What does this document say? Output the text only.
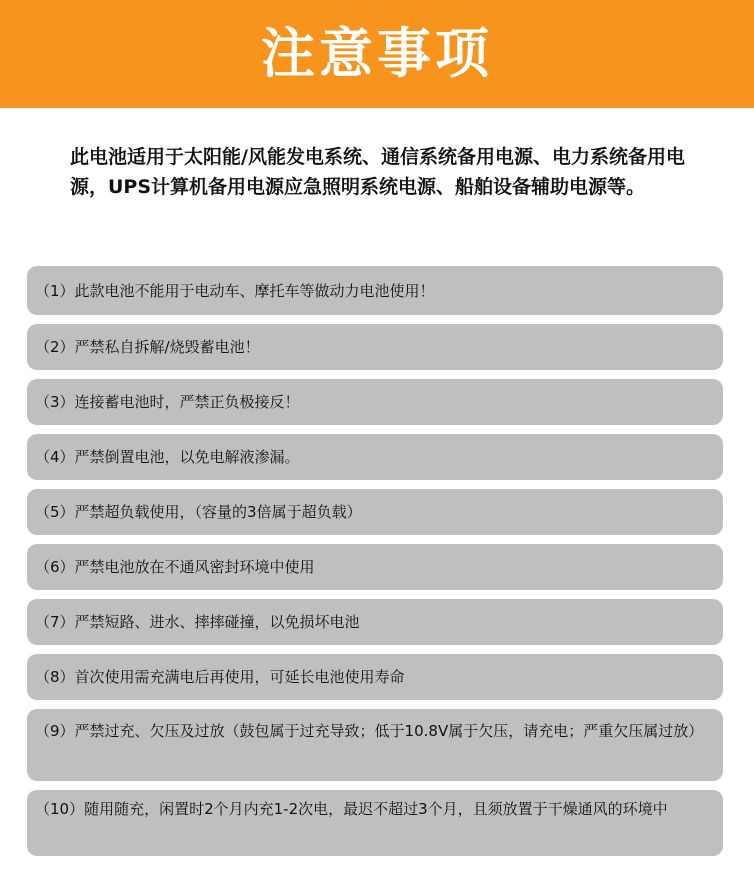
注意事项
此电池适用于太阳能/风能发电系统、通信系统备用电源、电力系统备用电源，UPS计算机备用电源应急照明系统电源、船舶设备辅助电源等。
（1） 此款电池不能用于电动车、摩托车等做动力电池使用！
（2） 严禁私自拆解/烧毁蓄电池！
（3） 连接蓄电池时，严禁正负极接反！
（4） 严禁倒置电池，以免电解液渗漏。
（5） 严禁超负载使用，（容量的3倍属于超负载）
（6） 严禁电池放在不通风密封环境中使用
（7） 严禁短路、进水、摔摔碰撞，以免损坏电池
（8） 首次使用需充满电后再使用，可延长电池使用寿命
（9） 严禁过充、欠压及过放（鼓包属于过充导致；低于10.8V属于欠压，请充电；严重欠压属过放）
（10） 随用随充，闲置时2个月内充1-2次电，最迟不超过3个月，且须放置于干燥通风的环境中
